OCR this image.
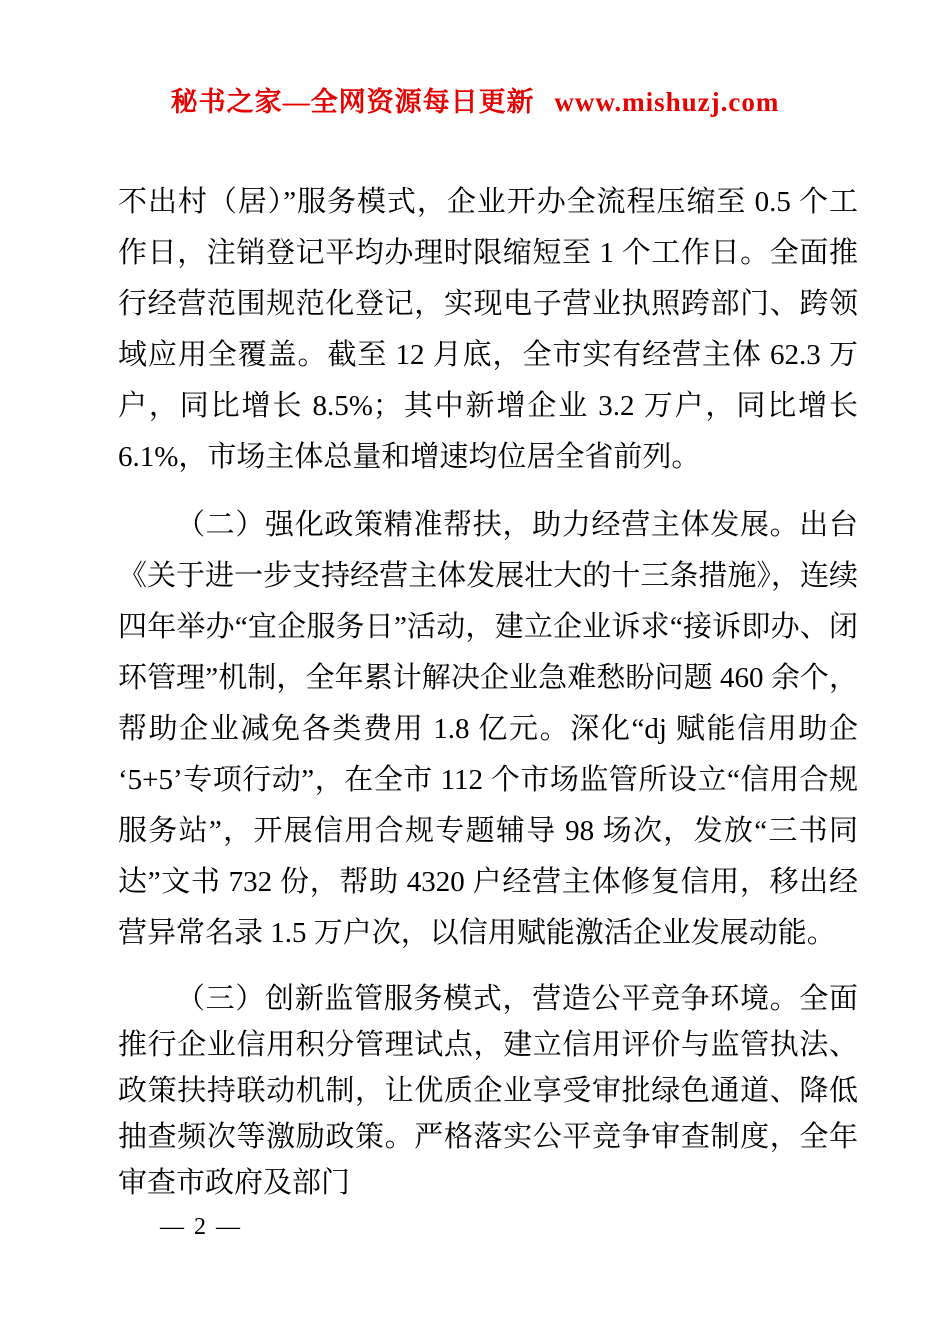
秘书之家—全网资源每日更新 www.mishuzj.com

不出村（居）”服务模式，企业开办全流程压缩至 0.5 个工作日，注销登记平均办理时限缩短至 1 个工作日。全面推行经营范围规范化登记，实现电子营业执照跨部门、跨领域应用全覆盖。截至 12 月底，全市实有经营主体 62.3 万户，同比增长 8.5%；其中新增企业 3.2 万户，同比增长 6.1%，市场主体总量和增速均位居全省前列。

（二）强化政策精准帮扶，助力经营主体发展。出台《关于进一步支持经营主体发展壮大的十三条措施》，连续四年举办“宜企服务日”活动，建立企业诉求“接诉即办、闭环管理”机制，全年累计解决企业急难愁盼问题 460 余个，帮助企业减免各类费用 1.8 亿元。深化“dj 赋能信用助企 ‘5+5’专项行动”，在全市 112 个市场监管所设立“信用合规服务站”，开展信用合规专题辅导 98 场次，发放“三书同达”文书 732 份，帮助 4320 户经营主体修复信用，移出经营异常名录 1.5 万户次，以信用赋能激活企业发展动能。

（三）创新监管服务模式，营造公平竞争环境。全面推行企业信用积分管理试点，建立信用评价与监管执法、政策扶持联动机制，让优质企业享受审批绿色通道、降低抽查频次等激励政策。严格落实公平竞争审查制度，全年审查市政府及部门

— 2 —
